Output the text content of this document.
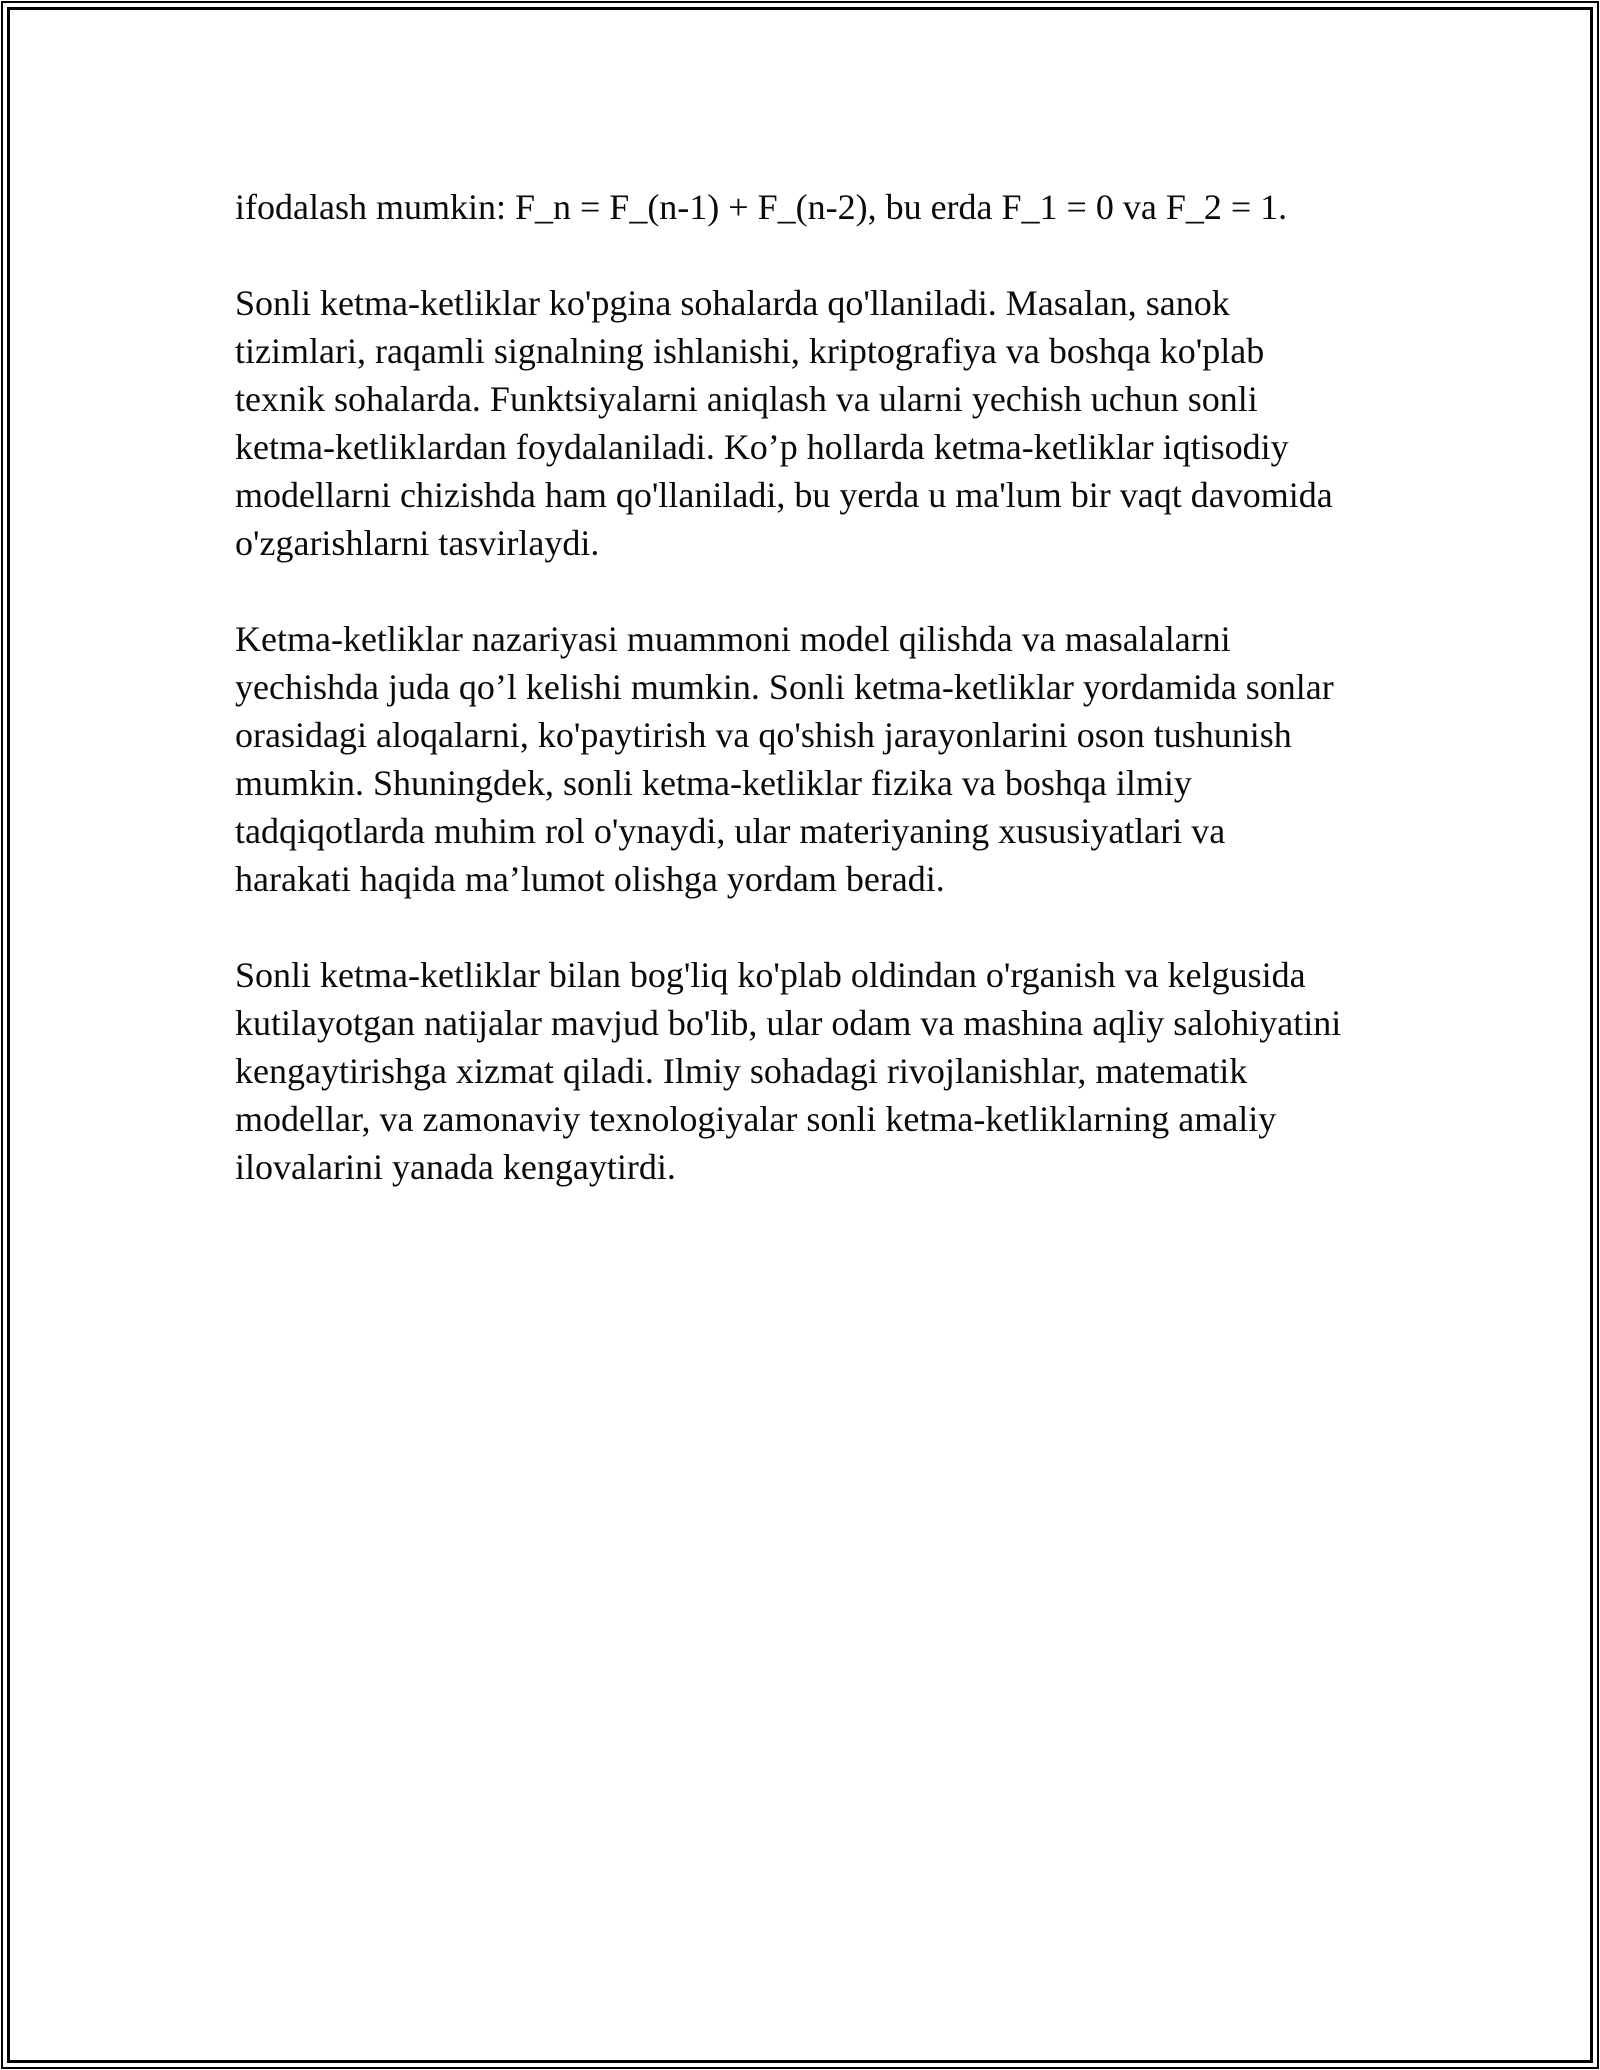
ifodalash mumkin: F_n = F_(n-1) + F_(n-2), bu erda F_1 = 0 va F_2 = 1.
Sonli ketma-ketliklar ko'pgina sohalarda qo'llaniladi. Masalan, sanok
tizimlari, raqamli signalning ishlanishi, kriptografiya va boshqa ko'plab
texnik sohalarda. Funktsiyalarni aniqlash va ularni yechish uchun sonli
ketma-ketliklardan foydalaniladi. Ko’p hollarda ketma-ketliklar iqtisodiy
modellarni chizishda ham qo'llaniladi, bu yerda u ma'lum bir vaqt davomida
o'zgarishlarni tasvirlaydi.
Ketma-ketliklar nazariyasi muammoni model qilishda va masalalarni
yechishda juda qo’l kelishi mumkin. Sonli ketma-ketliklar yordamida sonlar
orasidagi aloqalarni, ko'paytirish va qo'shish jarayonlarini oson tushunish
mumkin. Shuningdek, sonli ketma-ketliklar fizika va boshqa ilmiy
tadqiqotlarda muhim rol o'ynaydi, ular materiyaning xususiyatlari va
harakati haqida ma’lumot olishga yordam beradi.
Sonli ketma-ketliklar bilan bog'liq ko'plab oldindan o'rganish va kelgusida
kutilayotgan natijalar mavjud bo'lib, ular odam va mashina aqliy salohiyatini
kengaytirishga xizmat qiladi. Ilmiy sohadagi rivojlanishlar, matematik
modellar, va zamonaviy texnologiyalar sonli ketma-ketliklarning amaliy
ilovalarini yanada kengaytirdi.
